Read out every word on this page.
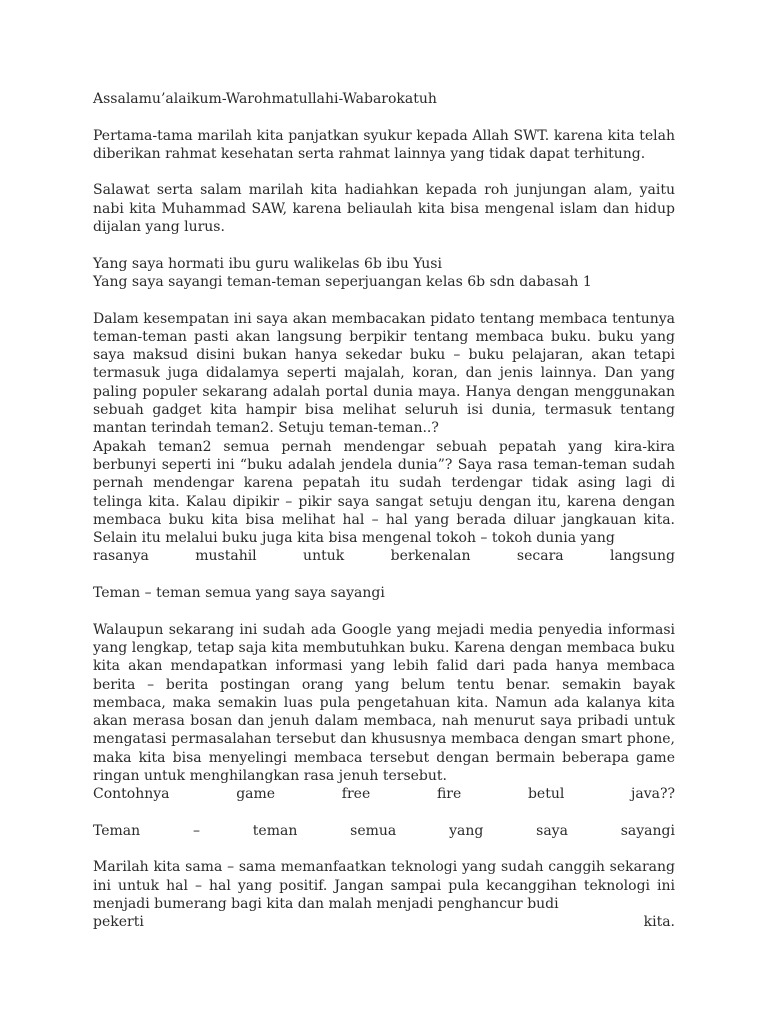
Assalamu’alaikum-Warohmatullahi-Wabarokatuh

Pertama-tama marilah kita panjatkan syukur kepada Allah SWT. karena kita telah diberikan rahmat kesehatan serta rahmat lainnya yang tidak dapat terhitung.

Salawat serta salam marilah kita hadiahkan kepada roh junjungan alam, yaitu nabi kita Muhammad SAW, karena beliaulah kita bisa mengenal islam dan hidup dijalan yang lurus.

Yang saya hormati ibu guru walikelas 6b ibu Yusi
Yang saya sayangi teman-teman seperjuangan kelas 6b sdn dabasah 1
Dalam kesempatan ini saya akan membacakan pidato tentang membaca tentunya teman-teman pasti akan langsung berpikir tentang membaca buku. buku yang saya maksud disini bukan hanya sekedar buku – buku pelajaran, akan tetapi termasuk juga didalamya seperti majalah, koran, dan jenis lainnya. Dan yang paling populer sekarang adalah portal dunia maya. Hanya dengan menggunakan sebuah gadget kita hampir bisa melihat seluruh isi dunia, termasuk tentang mantan terindah teman2. Setuju teman-teman..?
Apakah teman2 semua pernah mendengar sebuah pepatah yang kira-kira berbunyi seperti ini “buku adalah jendela dunia”? Saya rasa teman-teman sudah pernah mendengar karena pepatah itu sudah terdengar tidak asing lagi di telinga kita. Kalau dipikir – pikir saya sangat setuju dengan itu, karena dengan membaca buku kita bisa melihat hal – hal yang berada diluar jangkauan kita. Selain itu melalui buku juga kita bisa mengenal tokoh – tokoh dunia yang
rasanya mustahil untuk berkenalan secara langsung

Teman – teman semua yang saya sayangi

Walaupun sekarang ini sudah ada Google yang mejadi media penyedia informasi yang lengkap, tetap saja kita membutuhkan buku. Karena dengan membaca buku kita akan mendapatkan informasi yang lebih falid dari pada hanya membaca berita – berita postingan orang yang belum tentu benar. semakin bayak membaca, maka semakin luas pula pengetahuan kita. Namun ada kalanya kita akan merasa bosan dan jenuh dalam membaca, nah menurut saya pribadi untuk mengatasi permasalahan tersebut dan khususnya membaca dengan smart phone, maka kita bisa menyelingi membaca tersebut dengan bermain beberapa game ringan untuk menghilangkan rasa jenuh tersebut.
Contohnya game free fire betul java??

Teman – teman semua yang saya sayangi

Marilah kita sama – sama memanfaatkan teknologi yang sudah canggih sekarang ini untuk hal – hal yang positif. Jangan sampai pula kecanggihan teknologi ini menjadi bumerang bagi kita dan malah menjadi penghancur budi
pekerti kita.
